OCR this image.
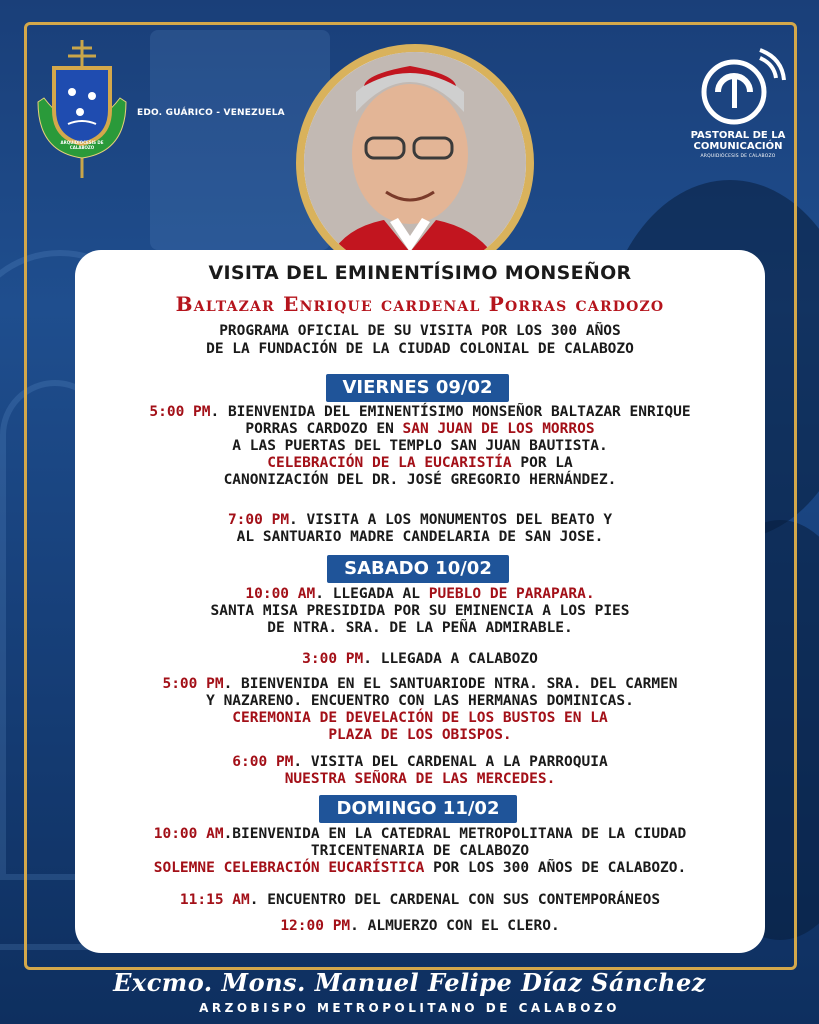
ARQUIDIOCESIS DE CALABOZO
EDO. GUÁRICO - VENEZUELA
PASTORAL DE LA
COMUNICACIÓN
ARQUIDIÓCESIS DE CALABOZO
VISITA DEL EMINENTÍSIMO MONSEÑOR
Baltazar Enrique cardenal Porras cardozo
PROGRAMA OFICIAL DE SU VISITA POR LOS 300 AÑOS
DE LA FUNDACIÓN DE LA CIUDAD COLONIAL DE CALABOZO
VIERNES 09/02
5:00 PM. BIENVENIDA DEL EMINENTÍSIMO MONSEÑOR BALTAZAR ENRIQUE
PORRAS CARDOZO EN SAN JUAN DE LOS MORROS
A LAS PUERTAS DEL TEMPLO SAN JUAN BAUTISTA.
CELEBRACIÓN DE LA EUCARISTÍA POR LA
CANONIZACIÓN DEL DR. JOSÉ GREGORIO HERNÁNDEZ.
7:00 PM. VISITA A LOS MONUMENTOS DEL BEATO Y
AL SANTUARIO MADRE CANDELARIA DE SAN JOSE.
SABADO 10/02
10:00 AM. LLEGADA AL PUEBLO DE PARAPARA.
SANTA MISA PRESIDIDA POR SU EMINENCIA A LOS PIES
DE NTRA. SRA. DE LA PEÑA ADMIRABLE.
3:00 PM. LLEGADA A CALABOZO
5:00 PM. BIENVENIDA EN EL SANTUARIODE NTRA. SRA. DEL CARMEN
Y NAZARENO. ENCUENTRO CON LAS HERMANAS DOMINICAS.
CEREMONIA DE DEVELACIÓN DE LOS BUSTOS EN LA
PLAZA DE LOS OBISPOS.
6:00 PM. VISITA DEL CARDENAL A LA PARROQUIA
NUESTRA SEÑORA DE LAS MERCEDES.
DOMINGO 11/02
10:00 AM.BIENVENIDA EN LA CATEDRAL METROPOLITANA DE LA CIUDAD
TRICENTENARIA DE CALABOZO
SOLEMNE CELEBRACIÓN EUCARÍSTICA POR LOS 300 AÑOS DE CALABOZO.
11:15 AM. ENCUENTRO DEL CARDENAL CON SUS CONTEMPORÁNEOS
12:00 PM. ALMUERZO CON EL CLERO.
Excmo. Mons. Manuel Felipe Díaz Sánchez
ARZOBISPO METROPOLITANO DE CALABOZO
